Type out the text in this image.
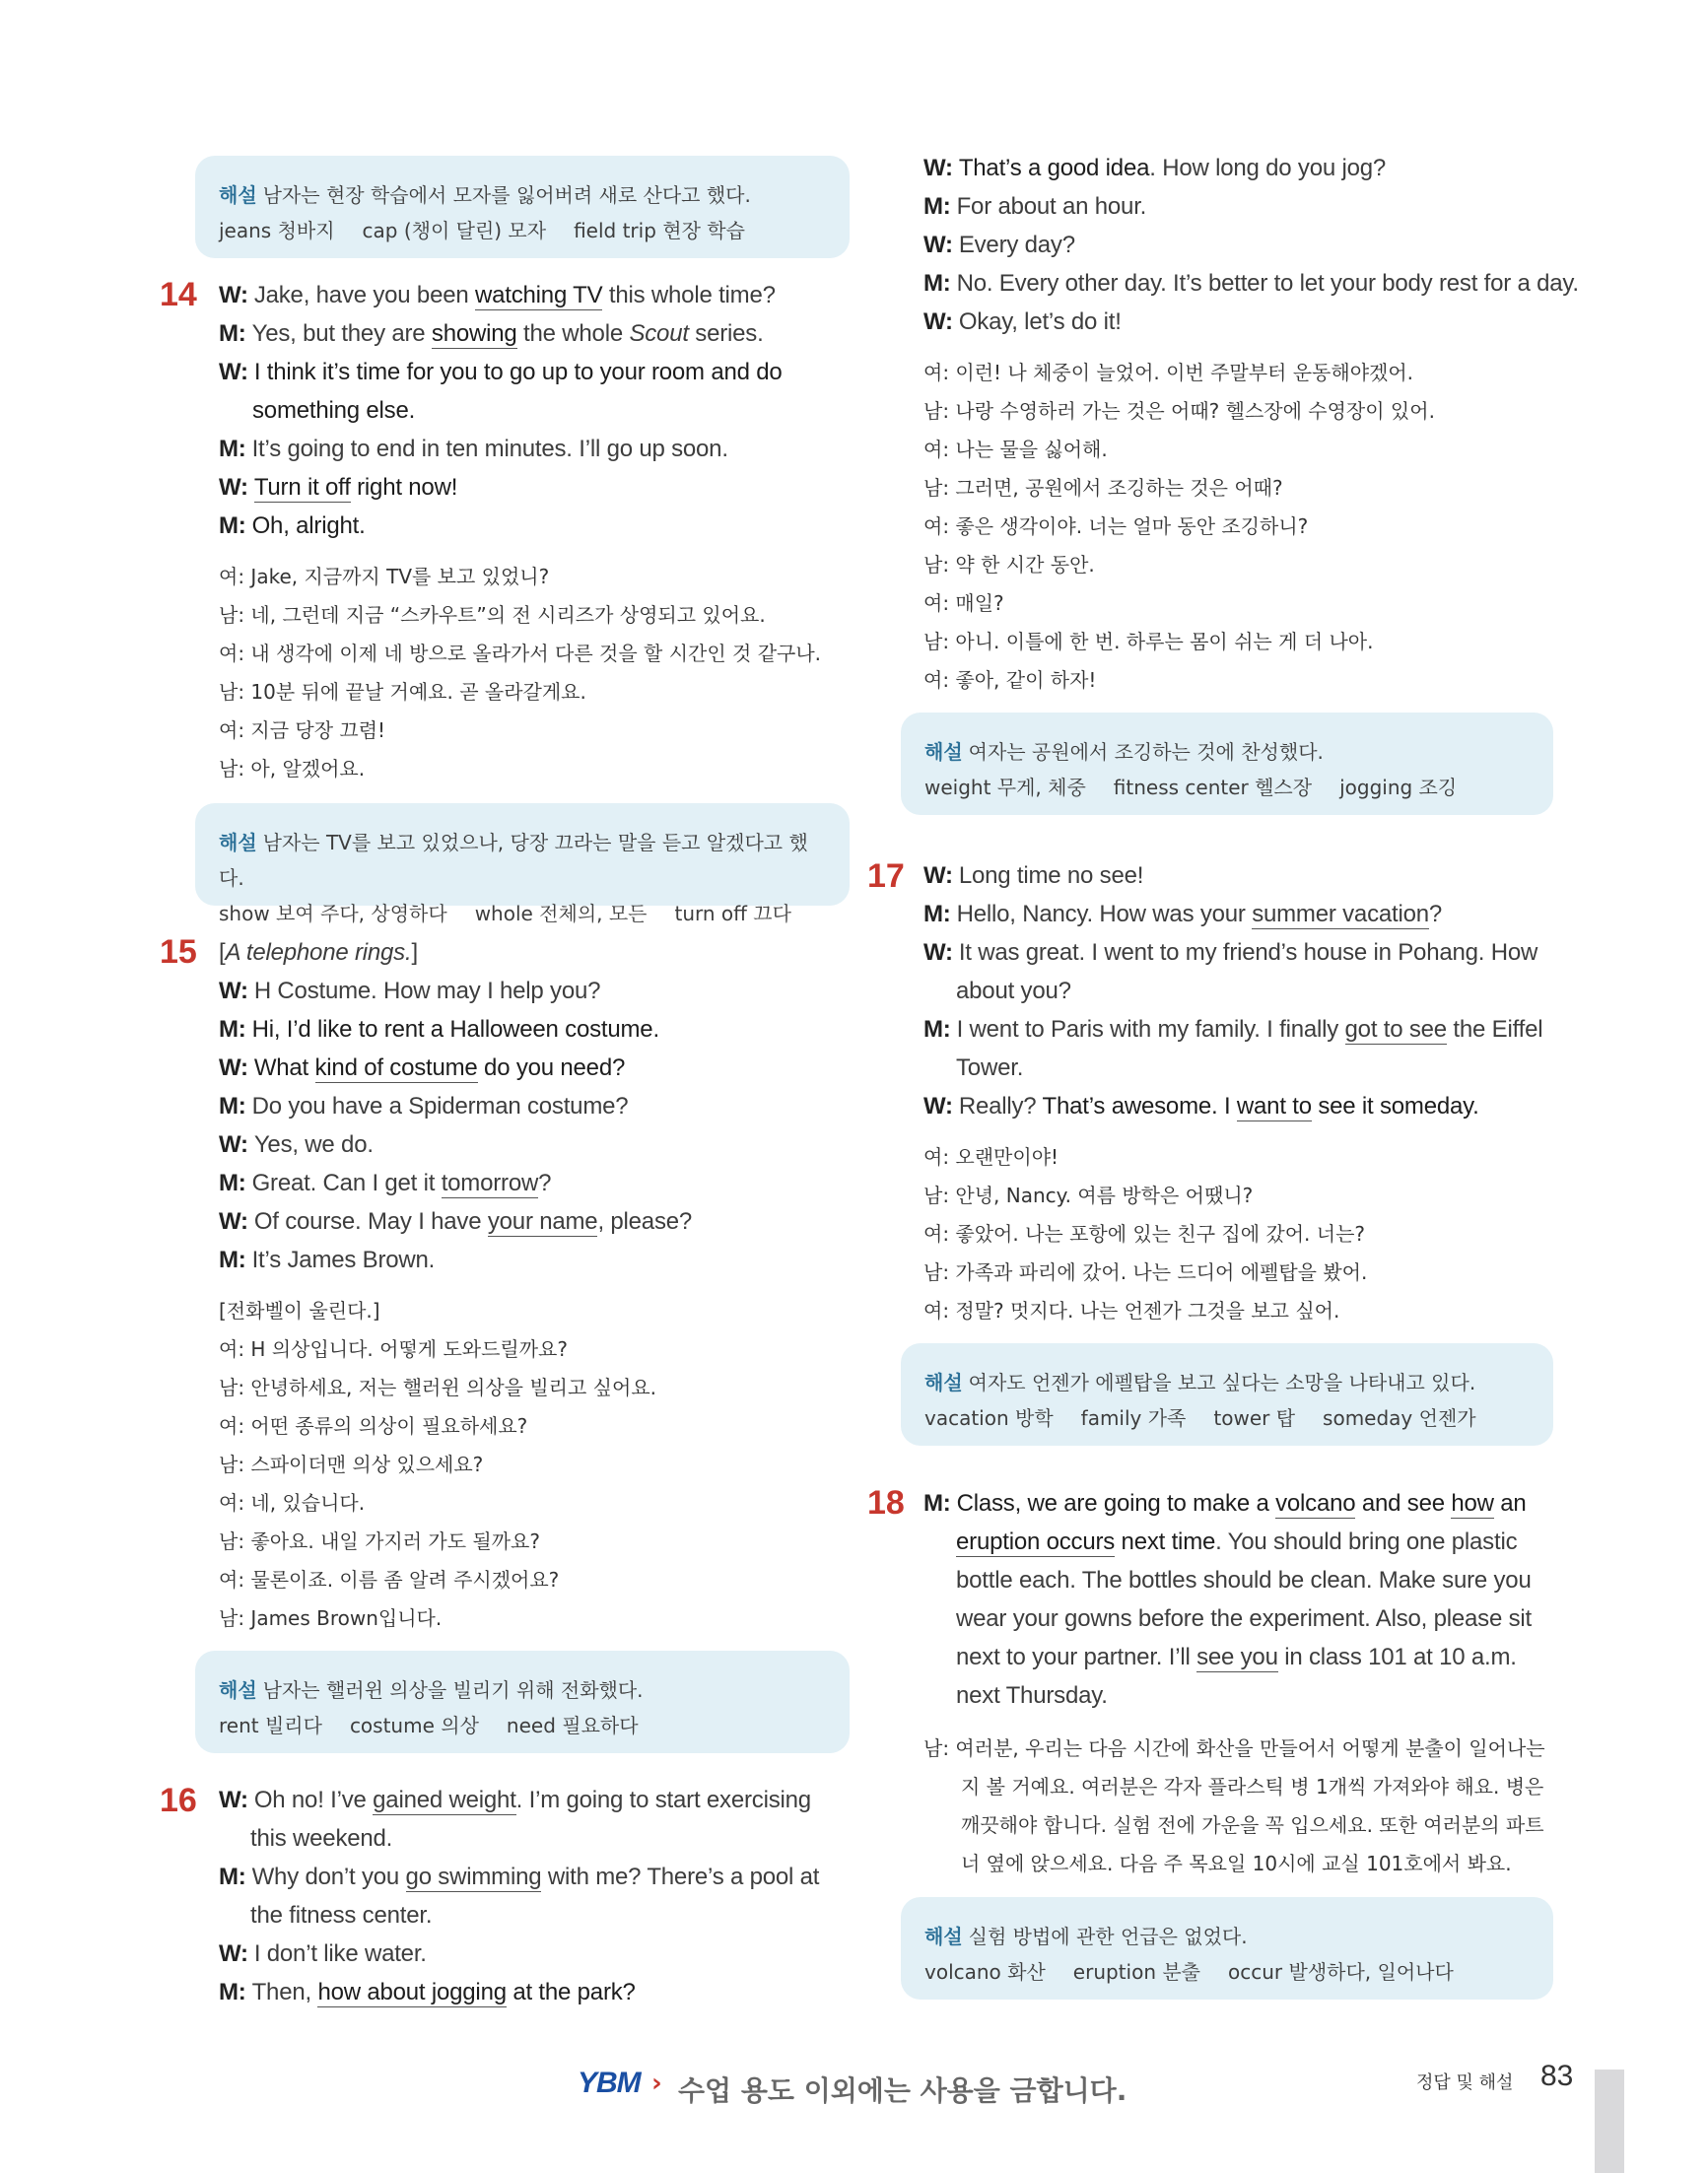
해설 남자는 현장 학습에서 모자를 잃어버려 새로 산다고 했다.
jeans 청바지 cap (챙이 달린) 모자 field trip 현장 학습
14 W: Jake, have you been watching TV this whole time?
M: Yes, but they are showing the whole Scout series.
W: I think it’s time for you to go up to your room and do
something else.
M: It’s going to end in ten minutes. I’ll go up soon.
W: Turn it off right now!
M: Oh, alright.
여: Jake, 지금까지 TV를 보고 있었니?
남: 네, 그런데 지금 “스카우트”의 전 시리즈가 상영되고 있어요.
여: 내 생각에 이제 네 방으로 올라가서 다른 것을 할 시간인 것 같구나.
남: 10분 뒤에 끝날 거예요. 곧 올라갈게요.
여: 지금 당장 끄렴!
남: 아, 알겠어요.
해설 남자는 TV를 보고 있었으나, 당장 끄라는 말을 듣고 알겠다고 했다.
show 보여 주다, 상영하다 whole 전체의, 모든 turn off 끄다
15 [A telephone rings.]
W: H Costume. How may I help you?
M: Hi, I’d like to rent a Halloween costume.
W: What kind of costume do you need?
M: Do you have a Spiderman costume?
W: Yes, we do.
M: Great. Can I get it tomorrow?
W: Of course. May I have your name, please?
M: It’s James Brown.
[전화벨이 울린다.]
여: H 의상입니다. 어떻게 도와드릴까요?
남: 안녕하세요, 저는 핼러윈 의상을 빌리고 싶어요.
여: 어떤 종류의 의상이 필요하세요?
남: 스파이더맨 의상 있으세요?
여: 네, 있습니다.
남: 좋아요. 내일 가지러 가도 될까요?
여: 물론이죠. 이름 좀 알려 주시겠어요?
남: James Brown입니다.
해설 남자는 핼러윈 의상을 빌리기 위해 전화했다.
rent 빌리다 costume 의상 need 필요하다
16 W: Oh no! I’ve gained weight. I’m going to start exercising
this weekend.
M: Why don’t you go swimming with me? There’s a pool at
the fitness center.
W: I don’t like water.
M: Then, how about jogging at the park?
W: That’s a good idea. How long do you jog?
M: For about an hour.
W: Every day?
M: No. Every other day. It’s better to let your body rest for a day.
W: Okay, let’s do it!
여: 이런! 나 체중이 늘었어. 이번 주말부터 운동해야겠어.
남: 나랑 수영하러 가는 것은 어때? 헬스장에 수영장이 있어.
여: 나는 물을 싫어해.
남: 그러면, 공원에서 조깅하는 것은 어때?
여: 좋은 생각이야. 너는 얼마 동안 조깅하니?
남: 약 한 시간 동안.
여: 매일?
남: 아니. 이틀에 한 번. 하루는 몸이 쉬는 게 더 나아.
여: 좋아, 같이 하자!
해설 여자는 공원에서 조깅하는 것에 찬성했다.
weight 무게, 체중 fitness center 헬스장 jogging 조깅
17 W: Long time no see!
M: Hello, Nancy. How was your summer vacation?
W: It was great. I went to my friend’s house in Pohang. How
about you?
M: I went to Paris with my family. I finally got to see the Eiffel
Tower.
W: Really? That’s awesome. I want to see it someday.
여: 오랜만이야!
남: 안녕, Nancy. 여름 방학은 어땠니?
여: 좋았어. 나는 포항에 있는 친구 집에 갔어. 너는?
남: 가족과 파리에 갔어. 나는 드디어 에펠탑을 봤어.
여: 정말? 멋지다. 나는 언젠가 그것을 보고 싶어.
해설 여자도 언젠가 에펠탑을 보고 싶다는 소망을 나타내고 있다.
vacation 방학 family 가족 tower 탑 someday 언젠가
18 M: Class, we are going to make a volcano and see how an
eruption occurs next time. You should bring one plastic
bottle each. The bottles should be clean. Make sure you
wear your gowns before the experiment. Also, please sit
next to your partner. I’ll see you in class 101 at 10 a.m.
next Thursday.
남: 여러분, 우리는 다음 시간에 화산을 만들어서 어떻게 분출이 일어나는
지 볼 거예요. 여러분은 각자 플라스틱 병 1개씩 가져와야 해요. 병은
깨끗해야 합니다. 실험 전에 가운을 꼭 입으세요. 또한 여러분의 파트
너 옆에 앉으세요. 다음 주 목요일 10시에 교실 101호에서 봐요.
해설 실험 방법에 관한 언급은 없었다.
volcano 화산 eruption 분출 occur 발생하다, 일어나다
YBM › 수업 용도 이외에는 사용을 금합니다.	정답 및 해설 83
